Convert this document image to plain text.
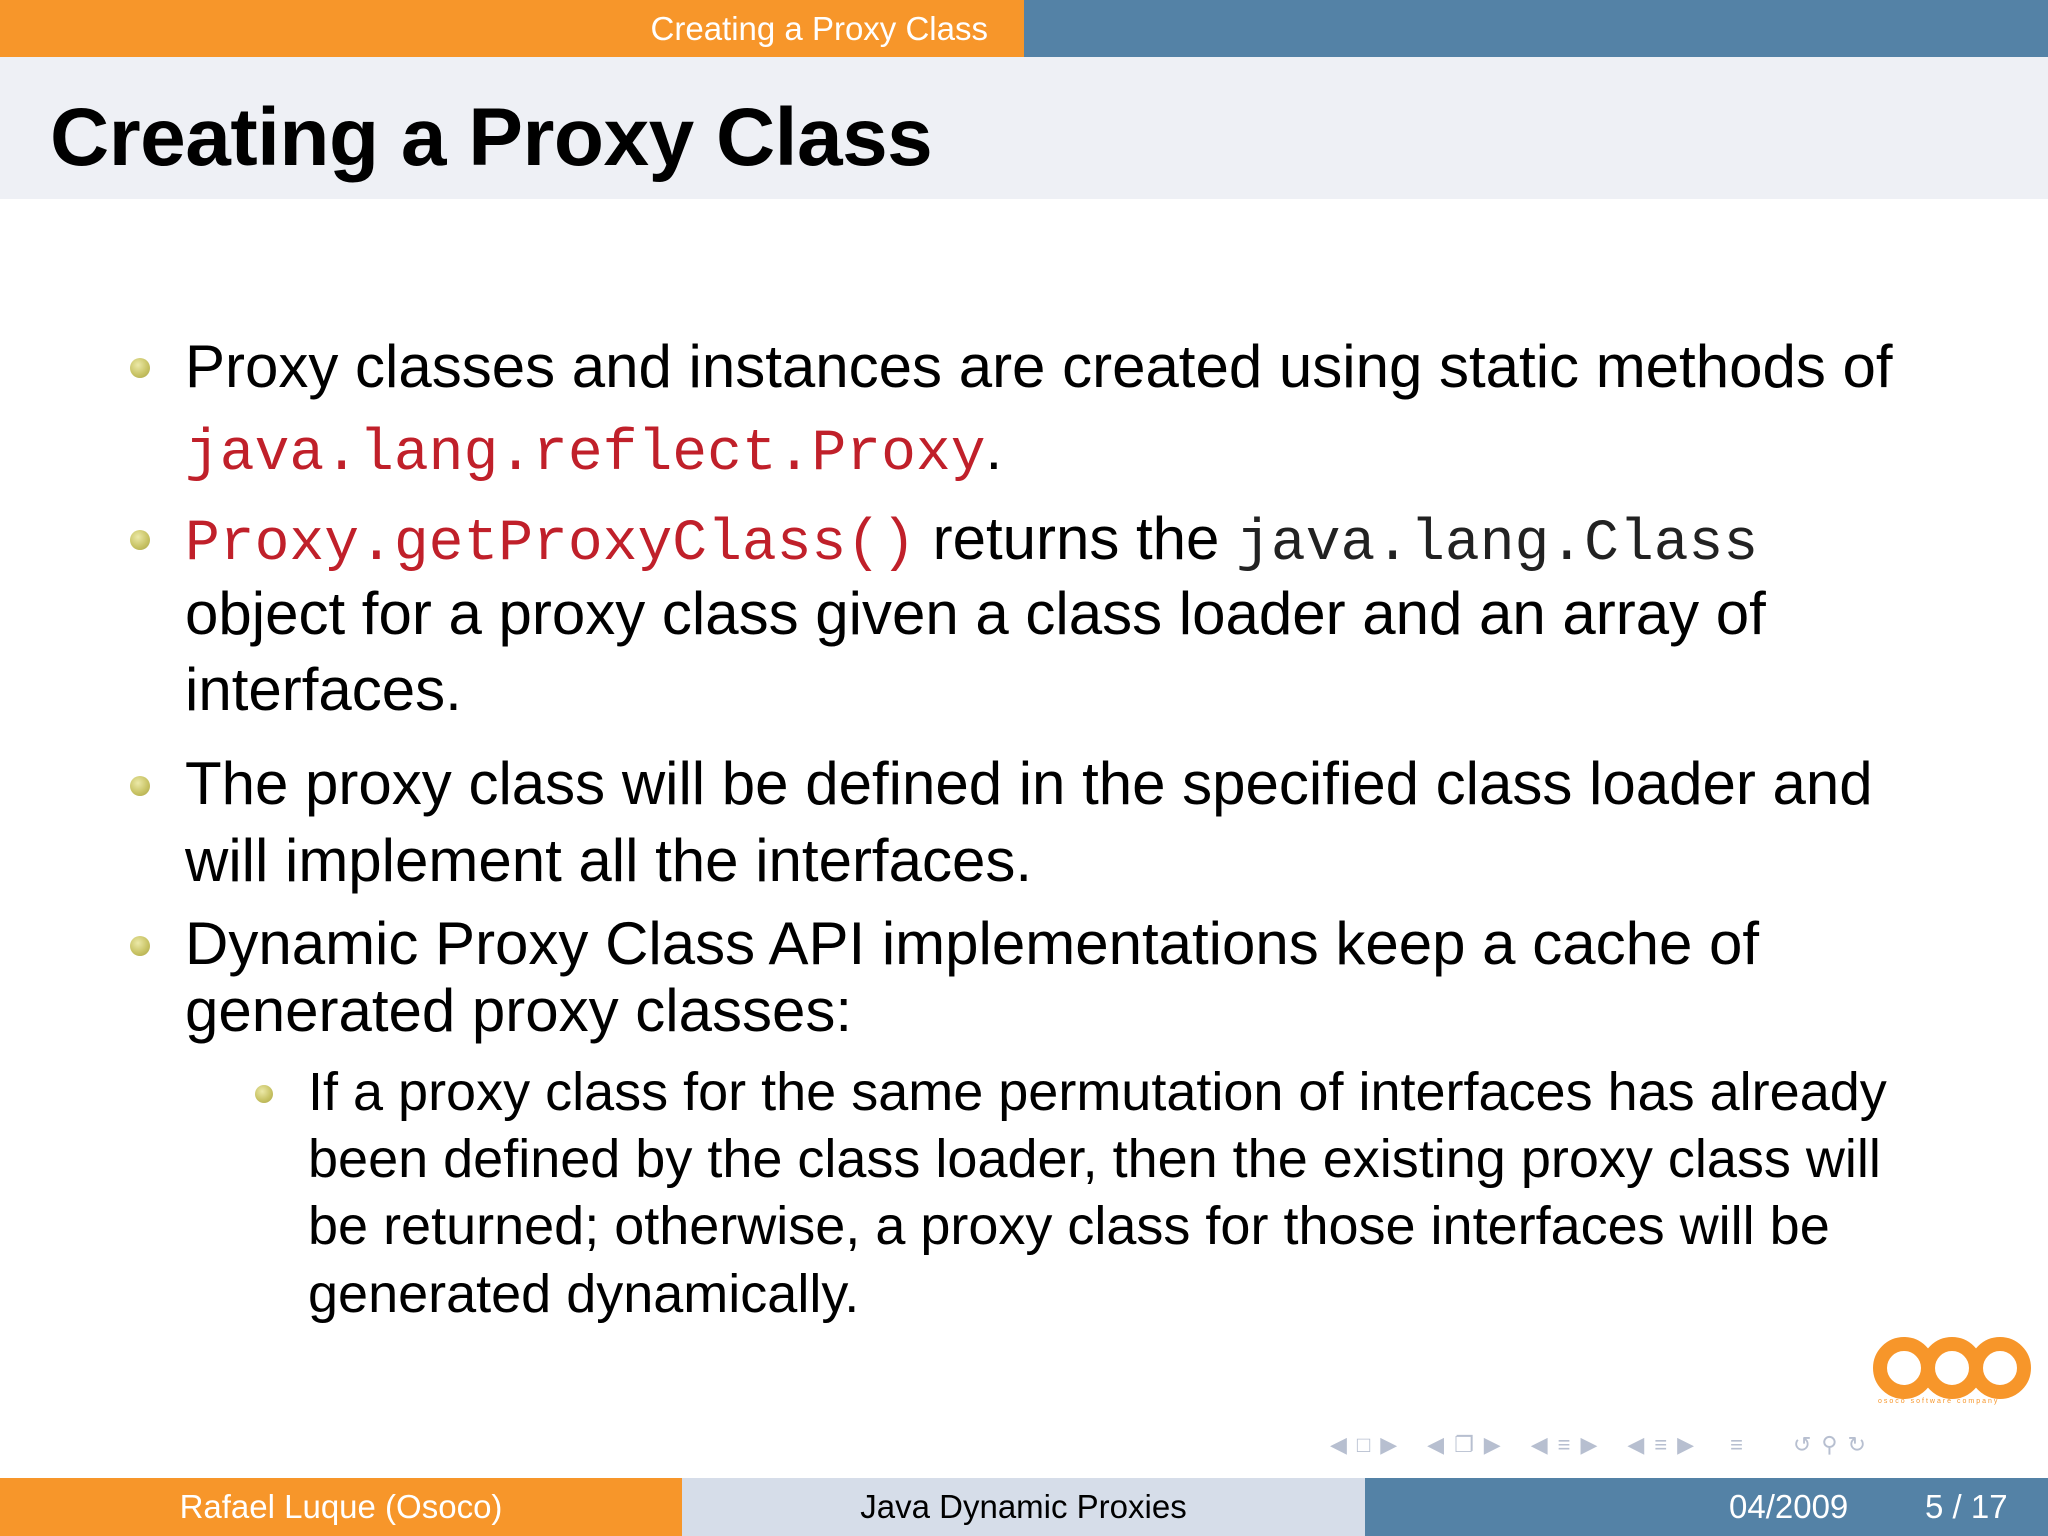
Creating a Proxy Class
Creating a Proxy Class
Proxy classes and instances are created using static methods of
java.lang.reflect.Proxy.
Proxy.getProxyClass() returns the java.lang.Class
object for a proxy class given a class loader and an array of
interfaces.
The proxy class will be defined in the specified class loader and
will implement all the interfaces.
Dynamic Proxy Class API implementations keep a cache of
generated proxy classes:
If a proxy class for the same permutation of interfaces has already
been defined by the class loader, then the existing proxy class will
be returned; otherwise, a proxy class for those interfaces will be
generated dynamically.
osoco software company
◀ □ ▶ ◀ ❐ ▶ ◀ ≡ ▶ ◀ ≡ ▶ ≡ ↺ ⚲ ↻
Rafael Luque (Osoco)	Java Dynamic Proxies	04/2009 5 / 17
